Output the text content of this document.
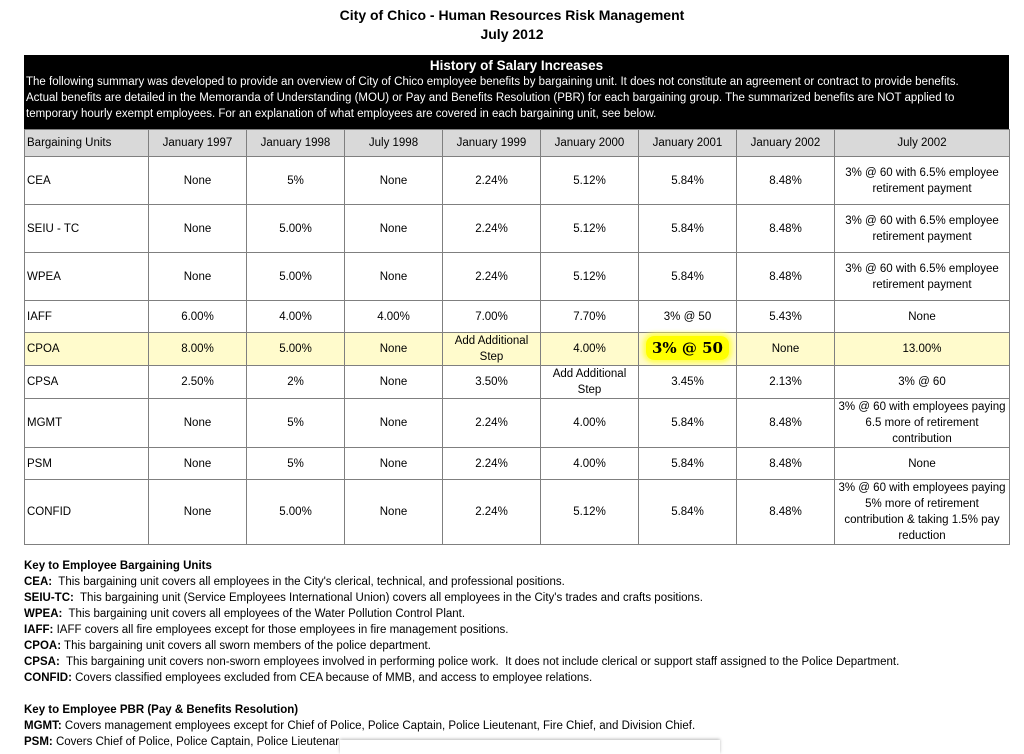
City of Chico - Human Resources Risk Management
July 2012
History of Salary Increases
The following summary was developed to provide an overview of City of Chico employee benefits by bargaining unit. It does not constitute an agreement or contract to provide benefits.
Actual benefits are detailed in the Memoranda of Understanding (MOU) or Pay and Benefits Resolution (PBR) for each bargaining group. The summarized benefits are NOT applied to
temporary hourly exempt employees. For an explanation of what employees are covered in each bargaining unit, see below.
Bargaining Units	January 1997	January 1998	July 1998	January 1999	January 2000	January 2001	January 2002	July 2002
CEA	None	5%	None	2.24%	5.12%	5.84%	8.48%	3% @ 60 with 6.5% employee retirement payment
SEIU - TC	None	5.00%	None	2.24%	5.12%	5.84%	8.48%	3% @ 60 with 6.5% employee retirement payment
WPEA	None	5.00%	None	2.24%	5.12%	5.84%	8.48%	3% @ 60 with 6.5% employee retirement payment
IAFF	6.00%	4.00%	4.00%	7.00%	7.70%	3% @ 50	5.43%	None
CPOA	8.00%	5.00%	None	Add Additional Step	4.00%	3% @ 50	None	13.00%
CPSA	2.50%	2%	None	3.50%	Add Additional Step	3.45%	2.13%	3% @ 60
MGMT	None	5%	None	2.24%	4.00%	5.84%	8.48%	3% @ 60 with employees paying 6.5 more of retirement contribution
PSM	None	5%	None	2.24%	4.00%	5.84%	8.48%	None
CONFID	None	5.00%	None	2.24%	5.12%	5.84%	8.48%	3% @ 60 with employees paying 5% more of retirement contribution & taking 1.5% pay reduction
Key to Employee Bargaining Units
CEA:  This bargaining unit covers all employees in the City's clerical, technical, and professional positions.
SEIU-TC:  This bargaining unit (Service Employees International Union) covers all employees in the City's trades and crafts positions.
WPEA:  This bargaining unit covers all employees of the Water Pollution Control Plant.
IAFF: IAFF covers all fire employees except for those employees in fire management positions.
CPOA: This bargaining unit covers all sworn members of the police department.
CPSA:  This bargaining unit covers non-sworn employees involved in performing police work.  It does not include clerical or support staff assigned to the Police Department.
CONFID: Covers classified employees excluded from CEA because of MMB, and access to employee relations.
Key to Employee PBR (Pay & Benefits Resolution)
MGMT: Covers management employees except for Chief of Police, Police Captain, Police Lieutenant, Fire Chief, and Division Chief.
PSM: Covers Chief of Police, Police Captain, Police Lieutenar
